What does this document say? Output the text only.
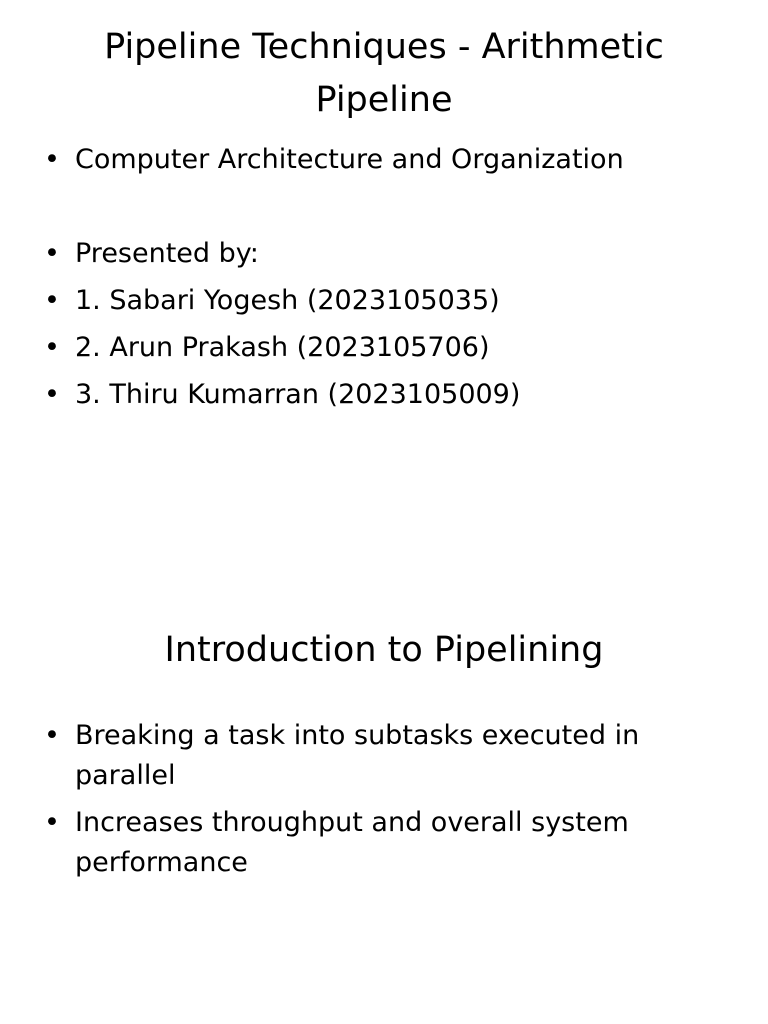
Pipeline Techniques - Arithmetic Pipeline
• Computer Architecture and Organization
• Presented by:
• 1. Sabari Yogesh (2023105035)
• 2. Arun Prakash (2023105706)
• 3. Thiru Kumarran (2023105009)
Introduction to Pipelining
• Breaking a task into subtasks executed in parallel
• Increases throughput and overall system performance
